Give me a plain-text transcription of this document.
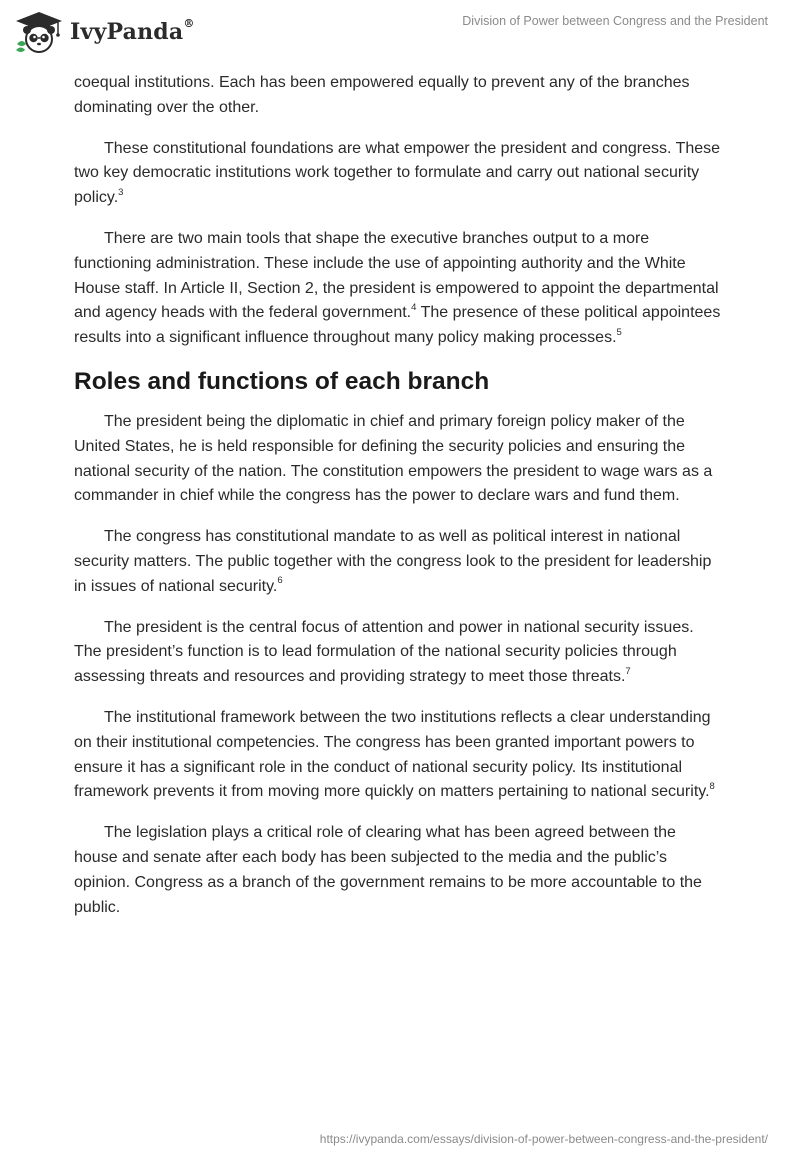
IvyPanda®	Division of Power between Congress and the President

coequal institutions. Each has been empowered equally to prevent any of the branches dominating over the other.

These constitutional foundations are what empower the president and congress. These two key democratic institutions work together to formulate and carry out national security policy.$^3$

There are two main tools that shape the executive branches output to a more functioning administration. These include the use of appointing authority and the White House staff. In Article II, Section 2, the president is empowered to appoint the departmental and agency heads with the federal government.$^4$ The presence of these political appointees results into a significant influence throughout many policy making processes.$^5$

Roles and functions of each branch

The president being the diplomatic in chief and primary foreign policy maker of the United States, he is held responsible for defining the security policies and ensuring the national security of the nation. The constitution empowers the president to wage wars as a commander in chief while the congress has the power to declare wars and fund them.

The congress has constitutional mandate to as well as political interest in national security matters. The public together with the congress look to the president for leadership in issues of national security.$^6$

The president is the central focus of attention and power in national security issues. The president’s function is to lead formulation of the national security policies through assessing threats and resources and providing strategy to meet those threats.$^7$

The institutional framework between the two institutions reflects a clear understanding on their institutional competencies. The congress has been granted important powers to ensure it has a significant role in the conduct of national security policy. Its institutional framework prevents it from moving more quickly on matters pertaining to national security.$^8$

The legislation plays a critical role of clearing what has been agreed between the house and senate after each body has been subjected to the media and the public’s opinion. Congress as a branch of the government remains to be more accountable to the public.

https://ivypanda.com/essays/division-of-power-between-congress-and-the-president/
